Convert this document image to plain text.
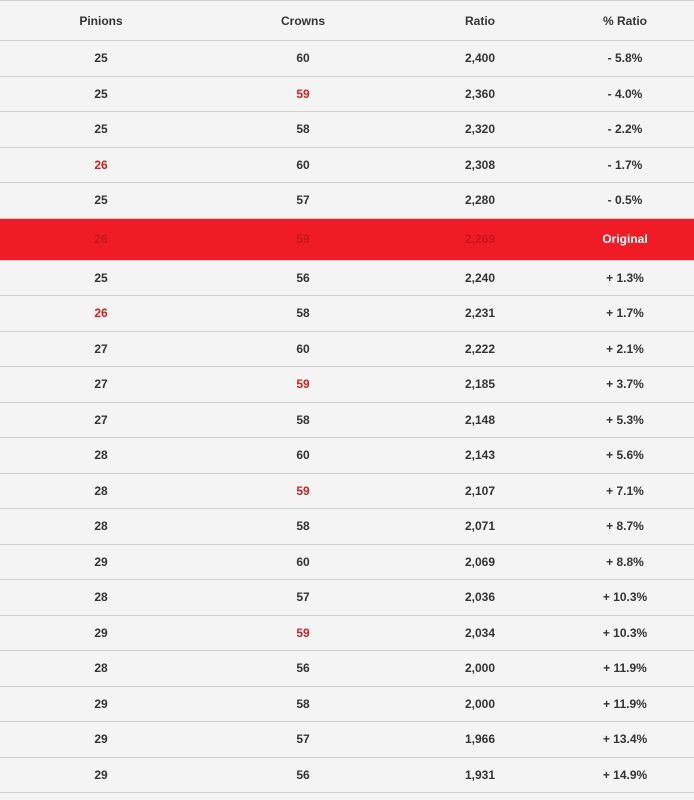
Pinions	Crowns	Ratio	% Ratio
25	60	2,400	- 5.8%
25	59	2,360	- 4.0%
25	58	2,320	- 2.2%
26	60	2,308	- 1.7%
25	57	2,280	- 0.5%
26	59	2,269	Original
25	56	2,240	+ 1.3%
26	58	2,231	+ 1.7%
27	60	2,222	+ 2.1%
27	59	2,185	+ 3.7%
27	58	2,148	+ 5.3%
28	60	2,143	+ 5.6%
28	59	2,107	+ 7.1%
28	58	2,071	+ 8.7%
29	60	2,069	+ 8.8%
28	57	2,036	+ 10.3%
29	59	2,034	+ 10.3%
28	56	2,000	+ 11.9%
29	58	2,000	+ 11.9%
29	57	1,966	+ 13.4%
29	56	1,931	+ 14.9%
